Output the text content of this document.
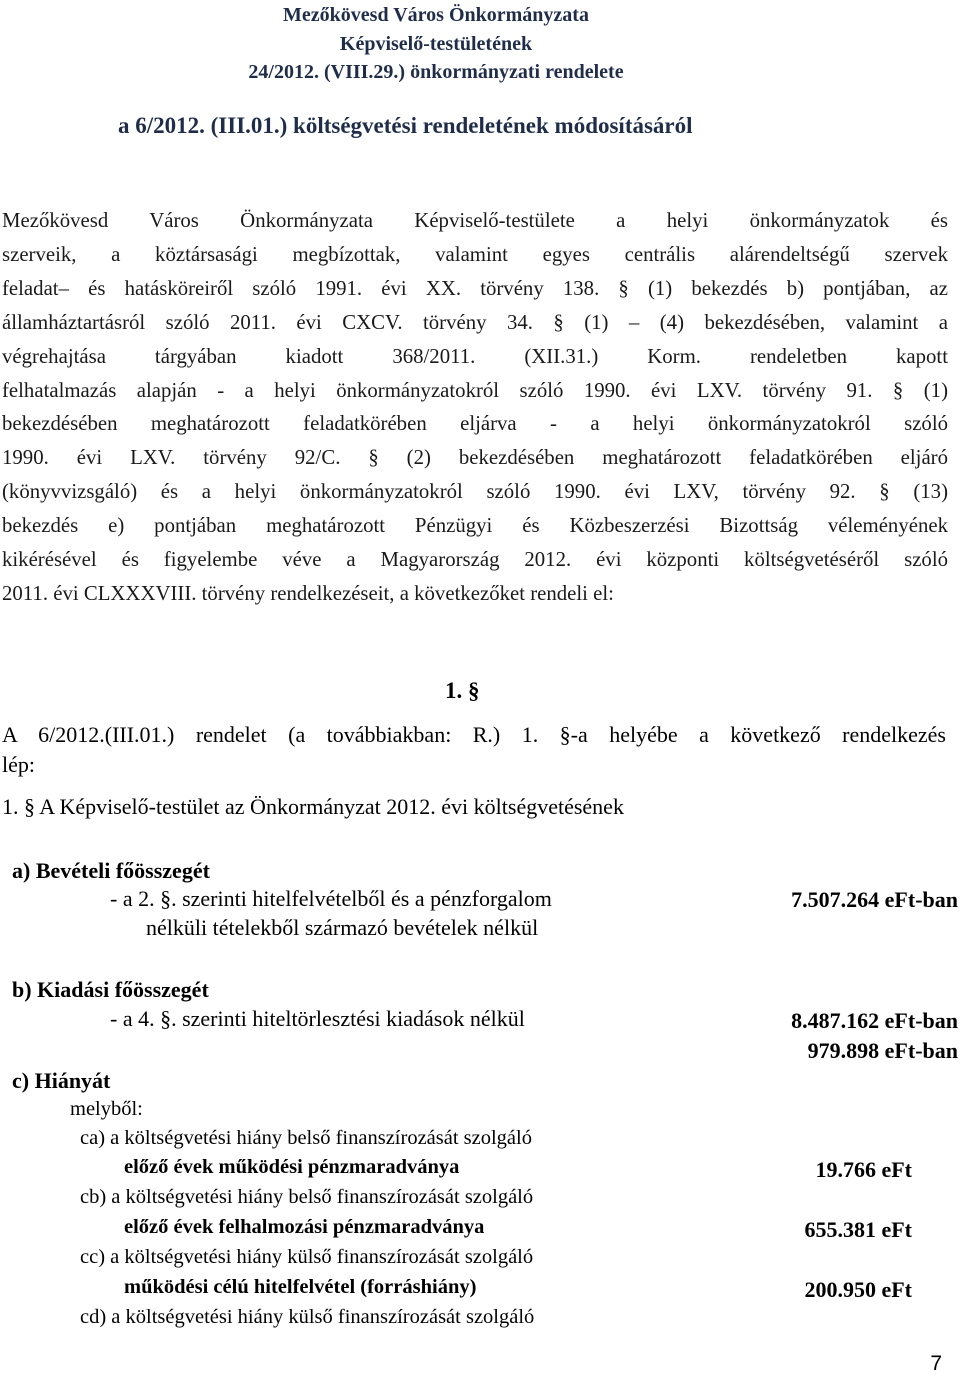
Mezőkövesd Város Önkormányzata
Képviselő-testületének
24/2012. (VIII.29.) önkormányzati rendelete
a 6/2012. (III.01.) költségvetési rendeletének módosításáról
Mezőkövesd Város Önkormányzata Képviselő-testülete a helyi önkormányzatok és
szerveik, a köztársasági megbízottak, valamint egyes centrális alárendeltségű szervek
feladat– és hatásköreiről szóló 1991. évi XX. törvény 138. § (1) bekezdés b) pontjában, az
államháztartásról szóló 2011. évi CXCV. törvény 34. § (1) – (4) bekezdésében, valamint a
végrehajtása tárgyában kiadott 368/2011. (XII.31.) Korm. rendeletben kapott
felhatalmazás alapján - a helyi önkormányzatokról szóló 1990. évi LXV. törvény 91. § (1)
bekezdésében meghatározott feladatkörében eljárva - a helyi önkormányzatokról szóló
1990. évi LXV. törvény 92/C. § (2) bekezdésében meghatározott feladatkörében eljáró
(könyvvizsgáló) és a helyi önkormányzatokról szóló 1990. évi LXV, törvény 92. § (13)
bekezdés e) pontjában meghatározott Pénzügyi és Közbeszerzési Bizottság véleményének
kikérésével és figyelembe véve a Magyarország 2012. évi központi költségvetéséről szóló
2011. évi CLXXXVIII. törvény rendelkezéseit, a következőket rendeli el:
1. §
A 6/2012.(III.01.) rendelet (a továbbiakban: R.) 1. §-a helyébe a következő rendelkezés
lép:
1. § A Képviselő-testület az Önkormányzat 2012. évi költségvetésének
a) Bevételi főösszegét
- a 2. §. szerinti hitelfelvételből és a pénzforgalom
nélküli tételekből származó bevételek nélkül
7.507.264 eFt-ban
b) Kiadási főösszegét
- a 4. §. szerinti hiteltörlesztési kiadások nélkül	8.487.162 eFt-ban
979.898 eFt-ban
c) Hiányát
melyből:
ca) a költségvetési hiány belső finanszírozását szolgáló
előző évek működési pénzmaradványa	19.766 eFt
cb) a költségvetési hiány belső finanszírozását szolgáló
előző évek felhalmozási pénzmaradványa	655.381 eFt
cc) a költségvetési hiány külső finanszírozását szolgáló
működési célú hitelfelvétel (forráshiány)	200.950 eFt
cd) a költségvetési hiány külső finanszírozását szolgáló
7
